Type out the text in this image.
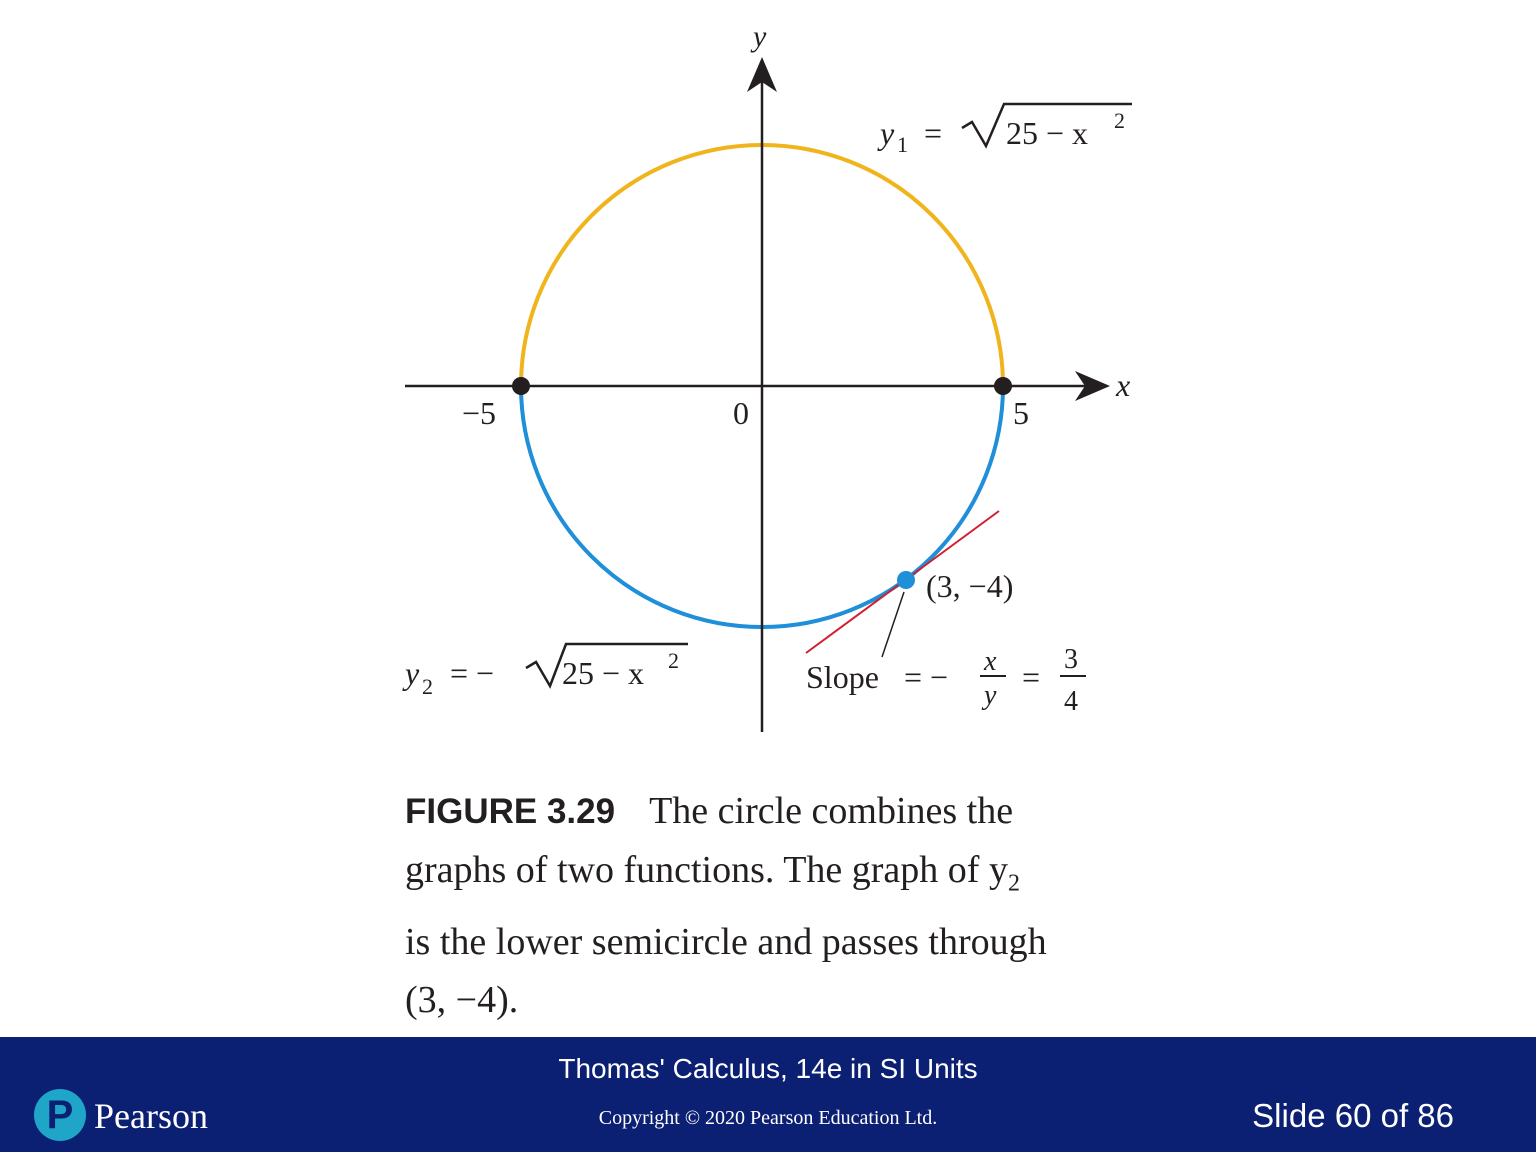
y
x
−5	0	5
y 1 = 25 − x 2
y 2 = − 25 − x 2
(3, −4)
Slope = − x
y
= 3
4
FIGURE 3.29 The circle combines the
graphs of two functions. The graph of $y_2$
is the lower semicircle and passes through
(3, −4).
Thomas' Calculus, 14e in SI Units
Copyright © 2020 Pearson Education Ltd.
P Pearson	Slide 60 of 86
